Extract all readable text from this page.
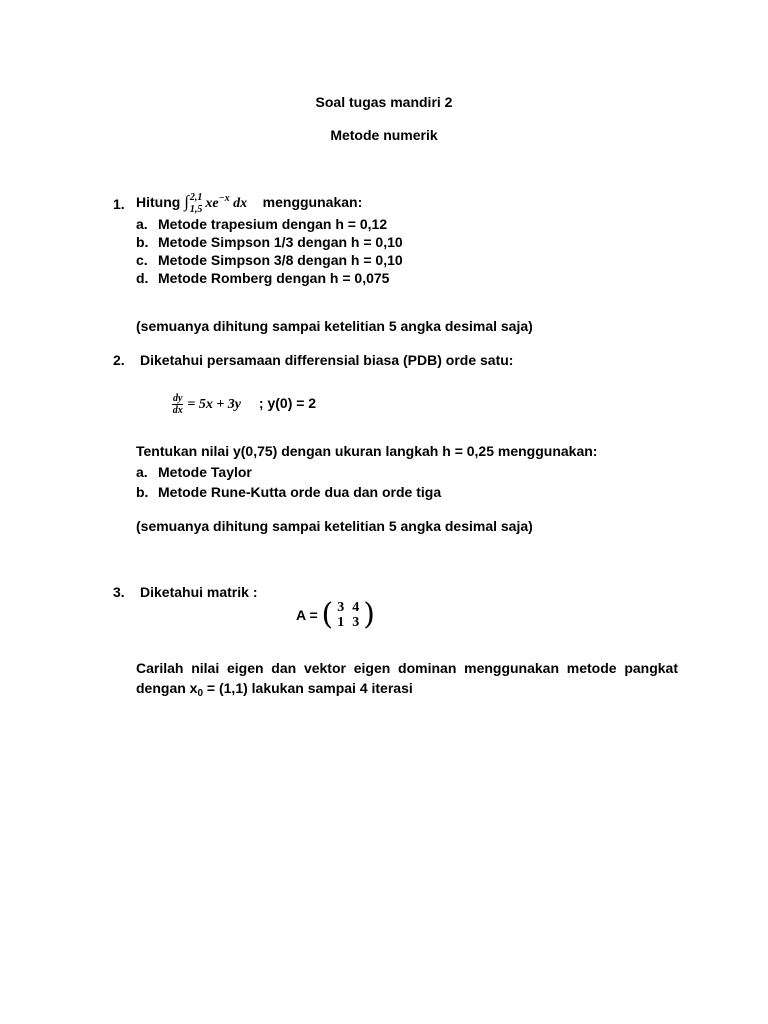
Soal tugas mandiri 2
Metode numerik
1. Hitung ∫ 2,1
1,5 $xe^{-x}$ dx menggunakan:
a. Metode trapesium dengan h = 0,12
b. Metode Simpson 1/3 dengan h = 0,10
c. Metode Simpson 3/8 dengan h = 0,10
d. Metode Romberg dengan h = 0,075
(semuanya dihitung sampai ketelitian 5 angka desimal saja)
2. Diketahui persamaan differensial biasa (PDB) orde satu:
$\frac{dy}{dx} = 5x + 3y$ ; y(0) = 2
Tentukan nilai y(0,75) dengan ukuran langkah h = 0,25 menggunakan:
a. Metode Taylor
b. Metode Rune-Kutta orde dua dan orde tiga
(semuanya dihitung sampai ketelitian 5 angka desimal saja)
3. Diketahui matrik :
A = ( 3	4
1	3 )
Carilah nilai eigen dan vektor eigen dominan menggunakan metode pangkat dengan $x_0 = (1,1)$ lakukan sampai 4 iterasi
